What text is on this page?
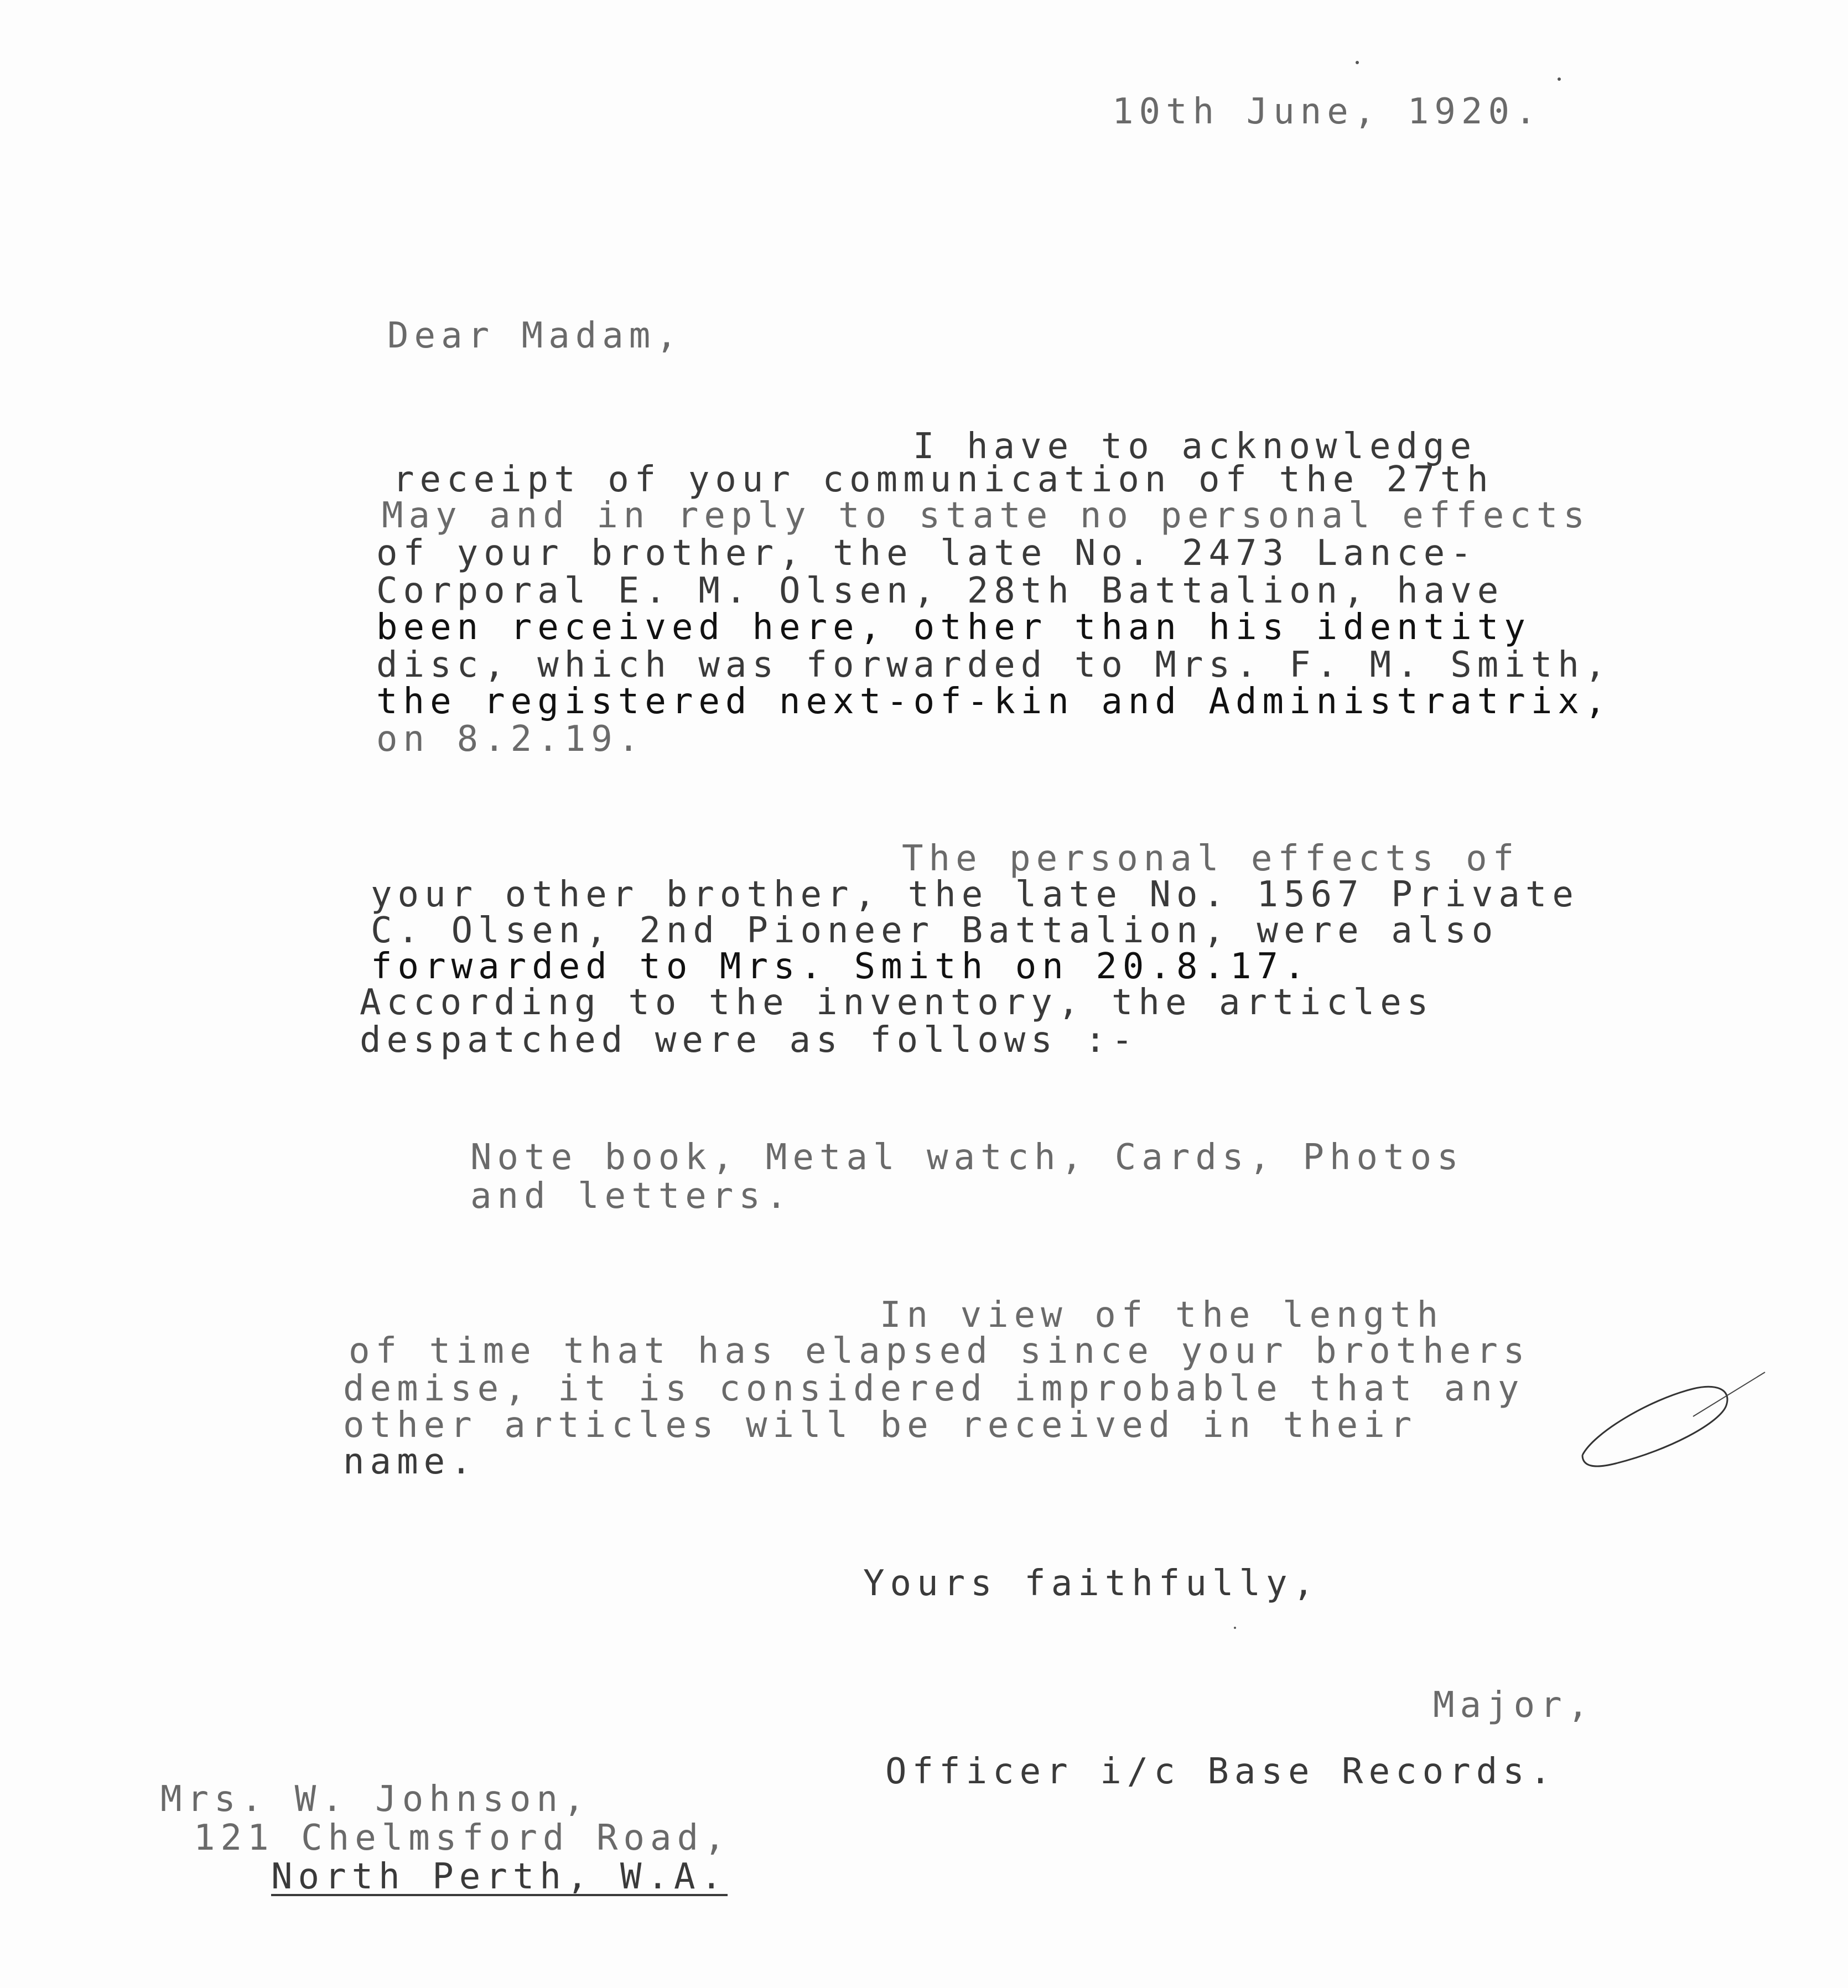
10th June, 1920.
Dear Madam,
I have to acknowledge
receipt of your communication of the 27th
May and in reply to state no personal effects
of your brother, the late No. 2473 Lance-
Corporal E. M. Olsen, 28th Battalion, have
been received here, other than his identity
disc, which was forwarded to Mrs. F. M. Smith,
the registered next-of-kin and Administratrix,
on 8.2.19.
The personal effects of
your other brother, the late No. 1567 Private
C. Olsen, 2nd Pioneer Battalion, were also
forwarded to Mrs. Smith on 20.8.17.
According to the inventory, the articles
despatched were as follows :-
Note book, Metal watch, Cards, Photos
and letters.
In view of the length
of time that has elapsed since your brothers
demise, it is considered improbable that any
other articles will be received in their
name.
Yours faithfully,
Major,
Officer i/c Base Records.
Mrs. W. Johnson,
121 Chelmsford Road,
North Perth, W.A.
